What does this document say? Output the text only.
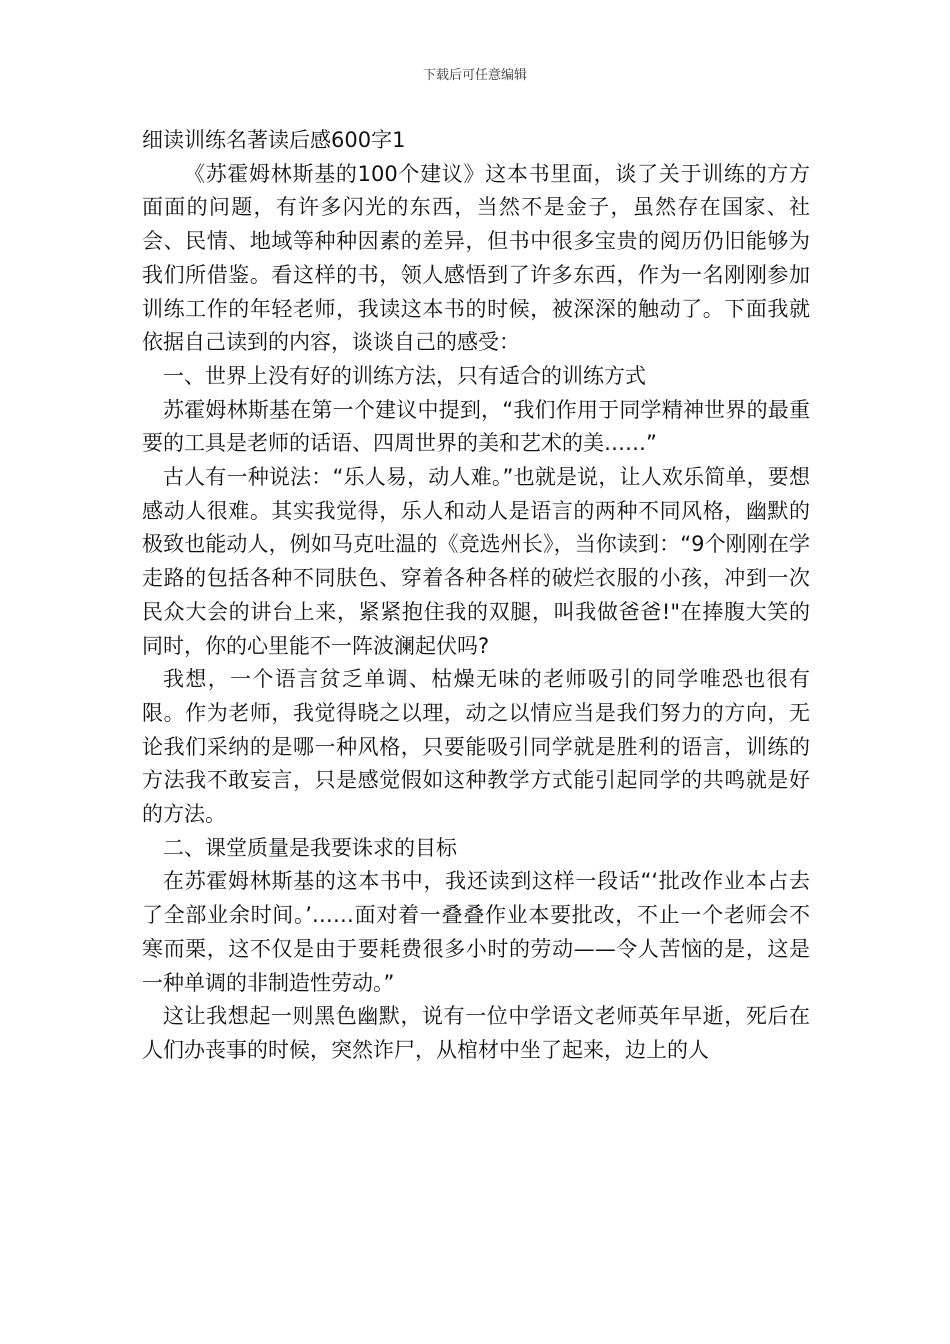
下载后可任意编辑
细读训练名著读后感600字1

《苏霍姆林斯基的100个建议》这本书里面，谈了关于训练的方方面面的问题，有许多闪光的东西，当然不是金子，虽然存在国家、社会、民情、地域等种种因素的差异，但书中很多宝贵的阅历仍旧能够为我们所借鉴。看这样的书，领人感悟到了许多东西，作为一名刚刚参加训练工作的年轻老师，我读这本书的时候，被深深的触动了。下面我就依据自己读到的内容，谈谈自己的感受：

一、世界上没有好的训练方法，只有适合的训练方式

苏霍姆林斯基在第一个建议中提到，“我们作用于同学精神世界的最重要的工具是老师的话语、四周世界的美和艺术的美……”

古人有一种说法：“乐人易，动人难。”也就是说，让人欢乐简单，要想感动人很难。其实我觉得，乐人和动人是语言的两种不同风格，幽默的极致也能动人，例如马克吐温的《竞选州长》，当你读到：“9个刚刚在学走路的包括各种不同肤色、穿着各种各样的破烂衣服的小孩，冲到一次民众大会的讲台上来，紧紧抱住我的双腿，叫我做爸爸!"在捧腹大笑的同时，你的心里能不一阵波澜起伏吗?

我想，一个语言贫乏单调、枯燥无味的老师吸引的同学唯恐也很有限。作为老师，我觉得晓之以理，动之以情应当是我们努力的方向，无论我们采纳的是哪一种风格，只要能吸引同学就是胜利的语言，训练的方法我不敢妄言，只是感觉假如这种教学方式能引起同学的共鸣就是好的方法。

二、课堂质量是我要诛求的目标

在苏霍姆林斯基的这本书中，我还读到这样一段话“‘批改作业本占去了全部业余时间。’……面对着一叠叠作业本要批改，不止一个老师会不寒而栗，这不仅是由于要耗费很多小时的劳动——令人苦恼的是，这是一种单调的非制造性劳动。”

这让我想起一则黑色幽默，说有一位中学语文老师英年早逝，死后在人们办丧事的时候，突然诈尸，从棺材中坐了起来，边上的人
